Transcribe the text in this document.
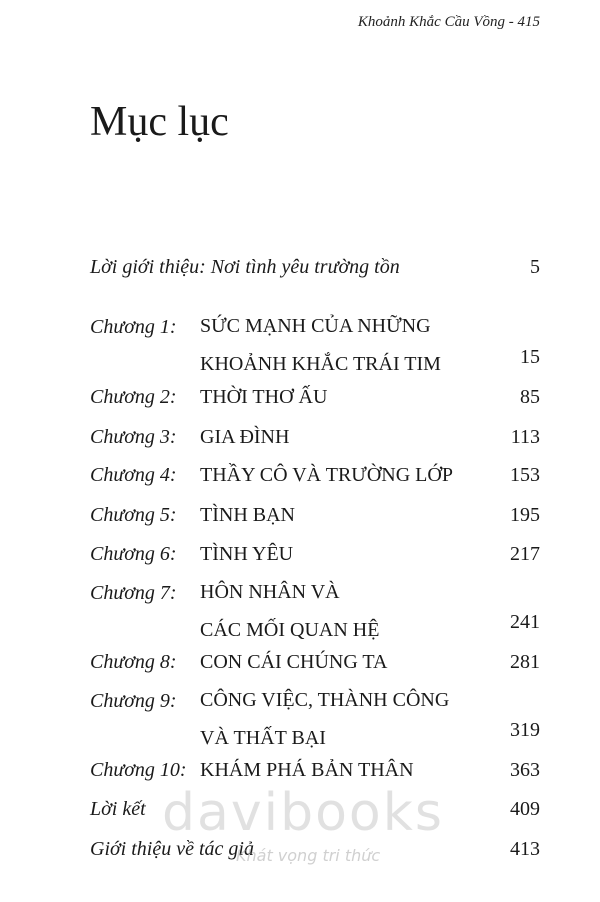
Khoảnh Khắc Cầu Vồng - 415
Mục lục
Lời giới thiệu: Nơi tình yêu trường tồn	5
Chương 1: SỨC MẠNH CỦA NHỮNG
KHOẢNH KHẮC TRÁI TIM	15
Chương 2: THỜI THƠ ẤU	85
Chương 3: GIA ĐÌNH	113
Chương 4: THẦY CÔ VÀ TRƯỜNG LỚP	153
Chương 5: TÌNH BẠN	195
Chương 6: TÌNH YÊU	217
Chương 7: HÔN NHÂN VÀ
CÁC MỐI QUAN HỆ	241
Chương 8: CON CÁI CHÚNG TA	281
Chương 9: CÔNG VIỆC, THÀNH CÔNG
VÀ THẤT BẠI	319
Chương 10: KHÁM PHÁ BẢN THÂN	363
Lời kết	409
Giới thiệu về tác giả	413
davibooks
Khát vọng tri thức
